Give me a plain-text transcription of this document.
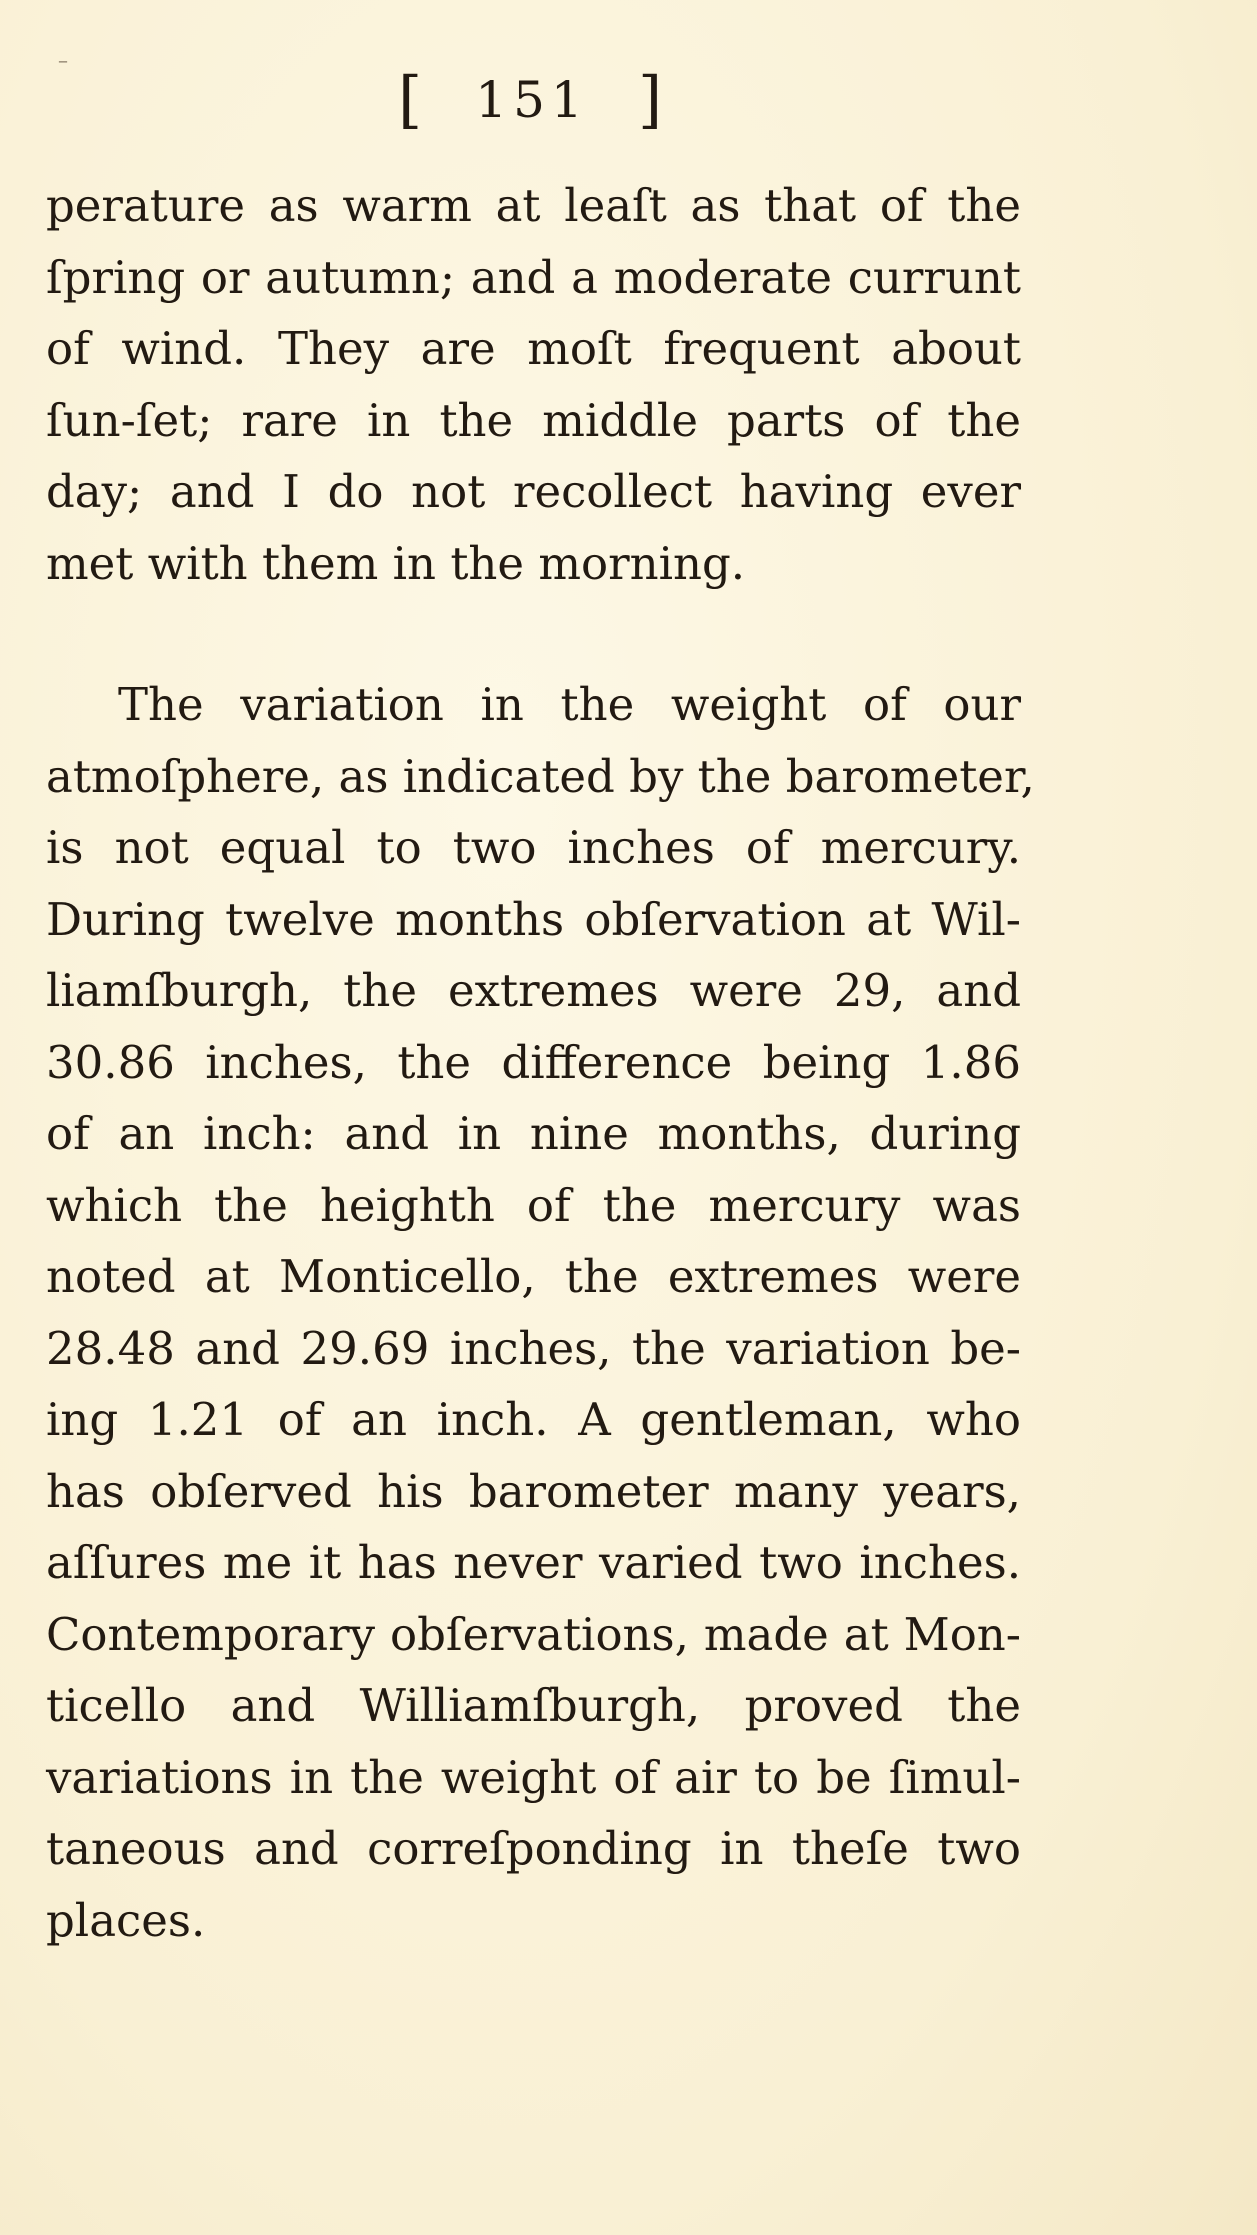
–
[ 151 ]
perature as warm at leaſt as that of the
ſpring or autumn; and a moderate currunt
of wind. They are moſt frequent about
ſun-ſet; rare in the middle parts of the
day; and I do not recollect having ever
met with them in the morning.
The variation in the weight of our
atmoſphere, as indicated by the barometer,
is not equal to two inches of mercury.
During twelve months obſervation at Wil-
liamſburgh, the extremes were 29, and
30.86 inches, the difference being 1.86
of an inch: and in nine months, during
which the heighth of the mercury was
noted at Monticello, the extremes were
28.48 and 29.69 inches, the variation be-
ing 1.21 of an inch. A gentleman, who
has obſerved his barometer many years,
aſſures me it has never varied two inches.
Contemporary obſervations, made at Mon-
ticello and Williamſburgh, proved the
variations in the weight of air to be ſimul-
taneous and correſponding in theſe two
places.
